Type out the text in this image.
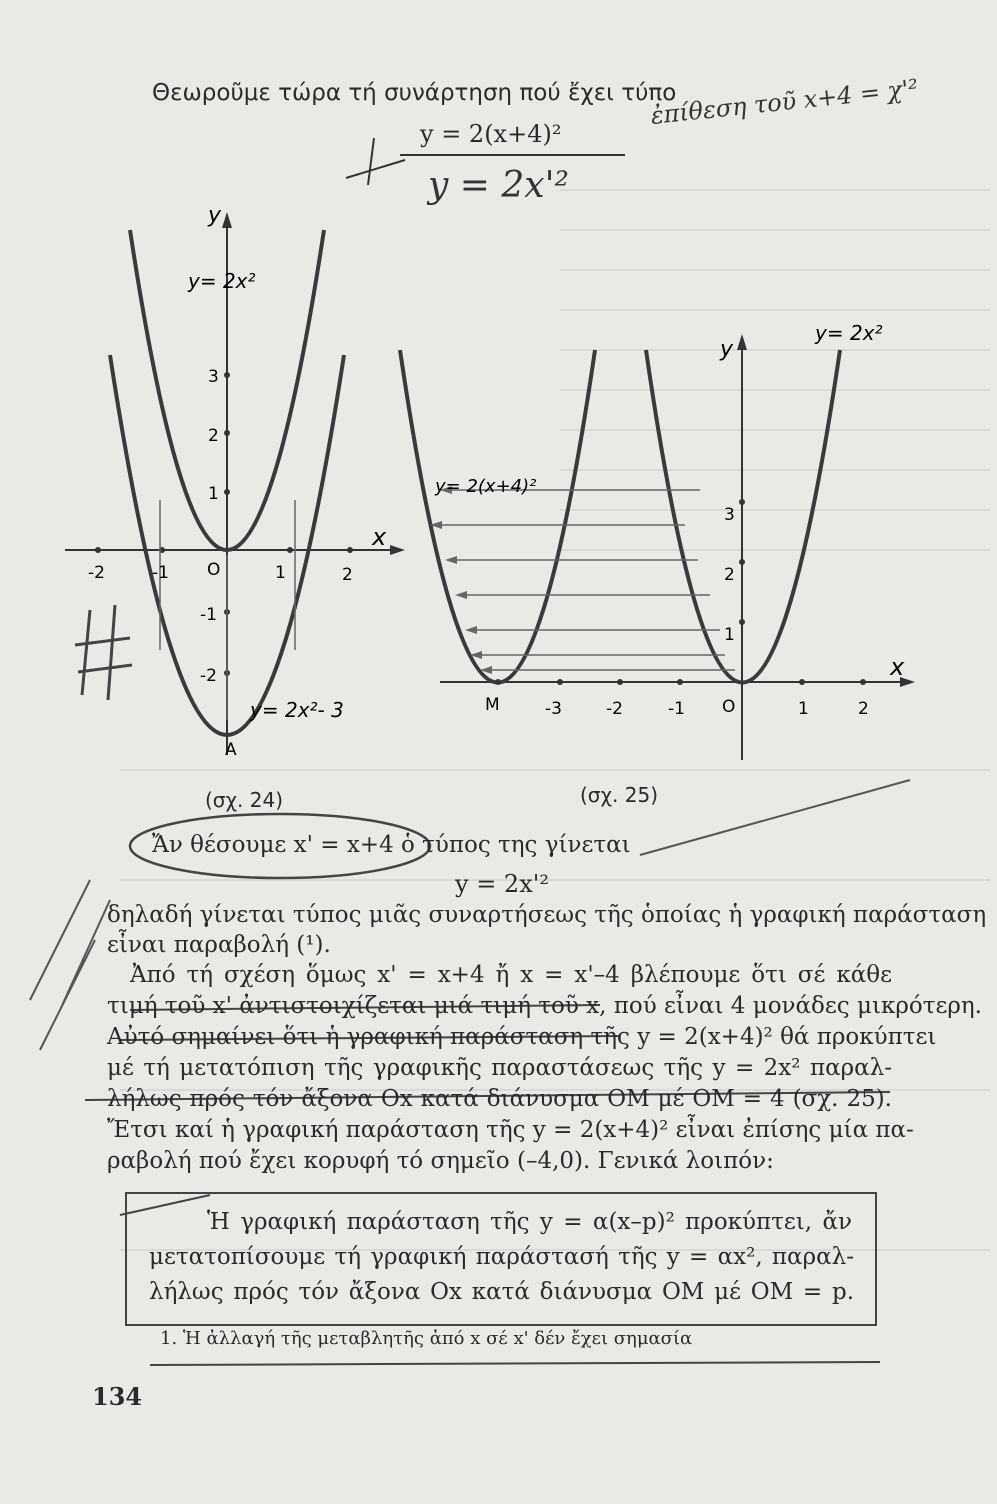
Θεωροῦμε τώρα τή συνάρτηση πού ἔχει τύπο
y = 2(x+4)²
ἐπίθεση τοῦ x+4 = χ'²
y = 2x'²
y
x
y= 2x²
y= 2x²- 3
3
2
1
-1
-2
-2	-1 O	1	2
A
(σχ. 24)
y
x
y= 2x²
y= 2(x+4)²
M	-3	-2	-1 O	1	2
3
2
1
(σχ. 25)
Ἄν θέσουμε x' = x+4 ὁ τύπος της γίνεται
y = 2x'²
δηλαδή γίνεται τύπος μιᾶς συναρτήσεως τῆς ὁποίας ἡ γραφική παράσταση
εἶναι παραβολή (¹).
Ἀπό τή σχέση ὅμως x' = x+4 ἤ x = x'–4 βλέπουμε ὅτι σέ κάθε
τιμή τοῦ x' ἀντιστοιχίζεται μιά τιμή τοῦ x, πού εἶναι 4 μονάδες μικρότερη.
Αὐτό σημαίνει ὅτι ἡ γραφική παράσταση τῆς y = 2(x+4)² θά προκύπτει
μέ τή μετατόπιση τῆς γραφικῆς παραστάσεως τῆς y = 2x² παραλ-
λήλως πρός τόν ἄξονα Ox κατά διάνυσμα OM μέ OM = 4 (σχ. 25).
Ἔτσι καί ἡ γραφική παράσταση τῆς y = 2(x+4)² εἶναι ἐπίσης μία πα-
ραβολή πού ἔχει κορυφή τό σημεῖο (–4,0). Γενικά λοιπόν:
Ἡ γραφική παράσταση τῆς y = α(x–p)² προκύπτει, ἄν
μετατοπίσουμε τή γραφική παράστασή τῆς y = αx², παραλ-
λήλως πρός τόν ἄξονα Ox κατά διάνυσμα OM μέ OM = p.
1. Ἡ ἀλλαγή τῆς μεταβλητῆς ἀπό x σέ x' δέν ἔχει σημασία
134
